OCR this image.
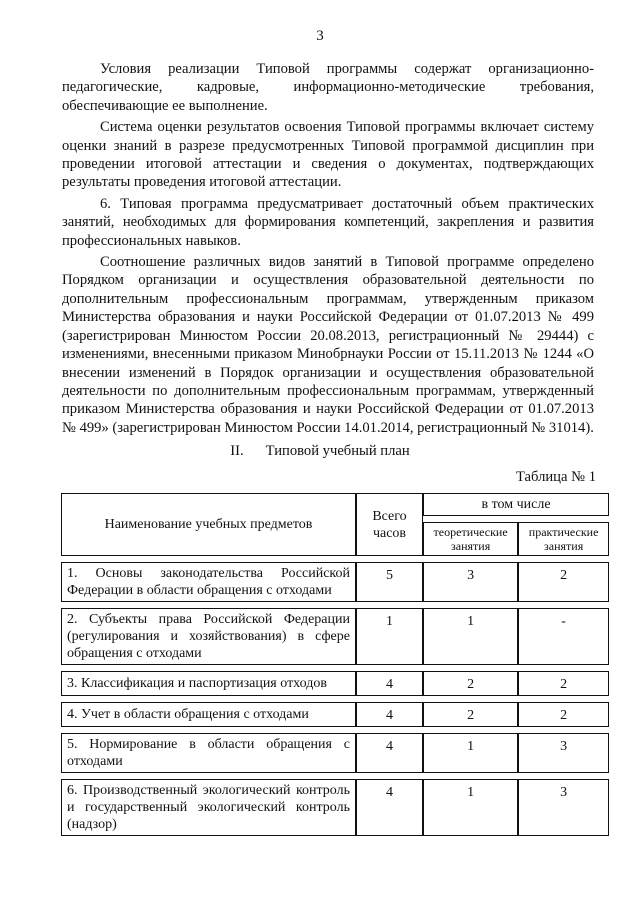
3

Условия реализации Типовой программы содержат организационно-педагогические, кадровые, информационно-методические требования, обеспечивающие ее выполнение.

Система оценки результатов освоения Типовой программы включает систему оценки знаний в разрезе предусмотренных Типовой программой дисциплин при проведении итоговой аттестации и сведения о документах, подтверждающих результаты проведения итоговой аттестации.

6. Типовая программа предусматривает достаточный объем практических занятий, необходимых для формирования компетенций, закрепления и развития профессиональных навыков.

Соотношение различных видов занятий в Типовой программе определено Порядком организации и осуществления образовательной деятельности по дополнительным профессиональным программам, утвержденным приказом Министерства образования и науки Российской Федерации от 01.07.2013 № 499 (зарегистрирован Минюстом России 20.08.2013, регистрационный № 29444) с изменениями, внесенными приказом Минобрнауки России от 15.11.2013 № 1244 «О внесении изменений в Порядок организации и осуществления образовательной деятельности по дополнительным профессиональным программам, утвержденный приказом Министерства образования и науки Российской Федерации от 01.07.2013 № 499» (зарегистрирован Минюстом России 14.01.2014, регистрационный № 31014).

II. Типовой учебный план
Таблица № 1
Наименование учебных предметов	Всего часов	в том числе	
		теоретические занятия	практические занятия
1. Основы законодательства Российской Федерации в области обращения с отходами	5	3	2
2. Субъекты права Российской Федерации (регулирования и хозяйствования) в сфере обращения с отходами	1	1	-
3. Классификация и паспортизация отходов	4	2	2
4. Учет в области обращения с отходами	4	2	2
5. Нормирование в области обращения с отходами	4	1	3
6. Производственный экологический контроль и государственный экологический контроль (надзор)	4	1	3
